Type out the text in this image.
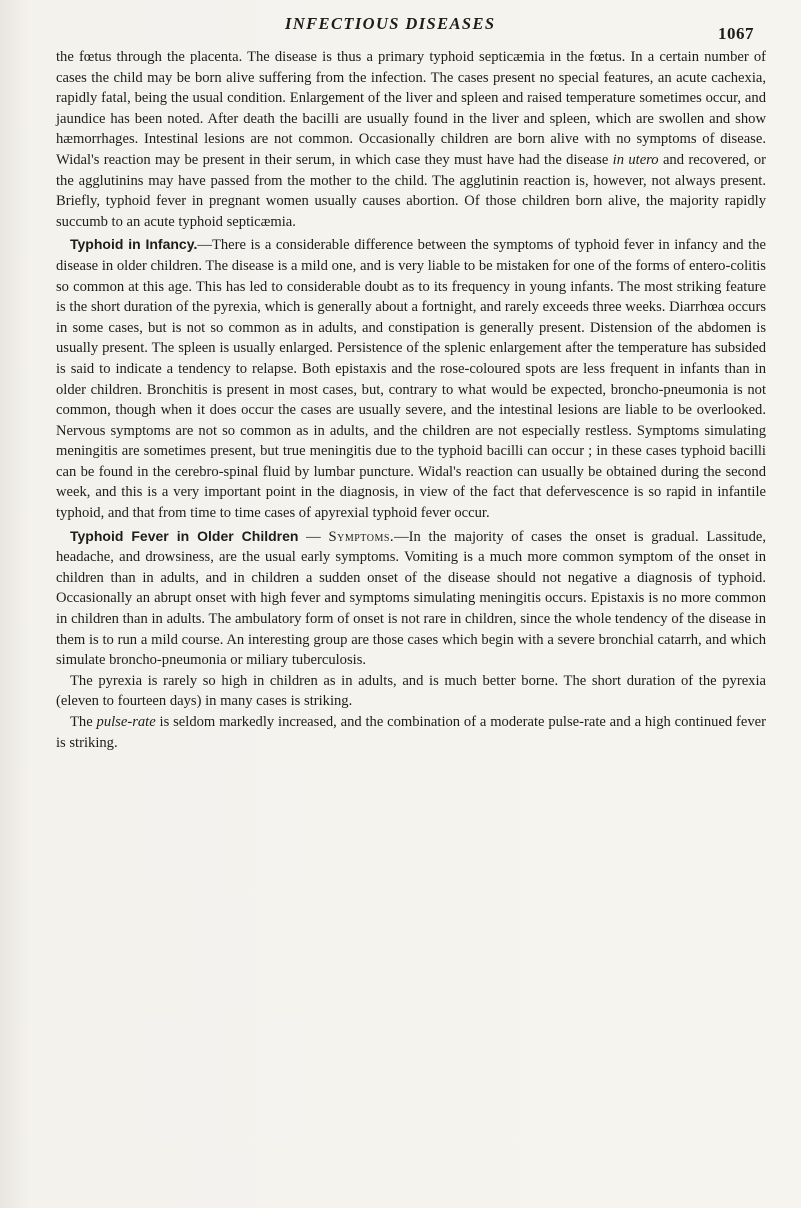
INFECTIOUS DISEASES
1067

the fœtus through the placenta. The disease is thus a primary typhoid septicæmia in the fœtus. In a certain number of cases the child may be born alive suffering from the infection. The cases present no special features, an acute cachexia, rapidly fatal, being the usual condition. Enlargement of the liver and spleen and raised temperature sometimes occur, and jaundice has been noted. After death the bacilli are usually found in the liver and spleen, which are swollen and show hæmorrhages. Intestinal lesions are not common. Occasionally children are born alive with no symptoms of disease. Widal's reaction may be present in their serum, in which case they must have had the disease in utero and recovered, or the agglutinins may have passed from the mother to the child. The agglutinin reaction is, however, not always present. Briefly, typhoid fever in pregnant women usually causes abortion. Of those children born alive, the majority rapidly succumb to an acute typhoid septicæmia.

Typhoid in Infancy.—There is a considerable difference between the symptoms of typhoid fever in infancy and the disease in older children. The disease is a mild one, and is very liable to be mistaken for one of the forms of entero-colitis so common at this age. This has led to considerable doubt as to its frequency in young infants. The most striking feature is the short duration of the pyrexia, which is generally about a fortnight, and rarely exceeds three weeks. Diarrhœa occurs in some cases, but is not so common as in adults, and constipation is generally present. Distension of the abdomen is usually present. The spleen is usually enlarged. Persistence of the splenic enlargement after the temperature has subsided is said to indicate a tendency to relapse. Both epistaxis and the rose-coloured spots are less frequent in infants than in older children. Bronchitis is present in most cases, but, contrary to what would be expected, broncho-pneumonia is not common, though when it does occur the cases are usually severe, and the intestinal lesions are liable to be overlooked. Nervous symptoms are not so common as in adults, and the children are not especially restless. Symptoms simulating meningitis are sometimes present, but true meningitis due to the typhoid bacilli can occur ; in these cases typhoid bacilli can be found in the cerebro-spinal fluid by lumbar puncture. Widal's reaction can usually be obtained during the second week, and this is a very important point in the diagnosis, in view of the fact that defervescence is so rapid in infantile typhoid, and that from time to time cases of apyrexial typhoid fever occur.

Typhoid Fever in Older Children — Symptoms.—In the majority of cases the onset is gradual. Lassitude, headache, and drowsiness, are the usual early symptoms. Vomiting is a much more common symptom of the onset in children than in adults, and in children a sudden onset of the disease should not negative a diagnosis of typhoid. Occasionally an abrupt onset with high fever and symptoms simulating meningitis occurs. Epistaxis is no more common in children than in adults. The ambulatory form of onset is not rare in children, since the whole tendency of the disease in them is to run a mild course. An interesting group are those cases which begin with a severe bronchial catarrh, and which simulate broncho-pneumonia or miliary tuberculosis.

The pyrexia is rarely so high in children as in adults, and is much better borne. The short duration of the pyrexia (eleven to fourteen days) in many cases is striking.

The pulse-rate is seldom markedly increased, and the combination of a moderate pulse-rate and a high continued fever is striking.
